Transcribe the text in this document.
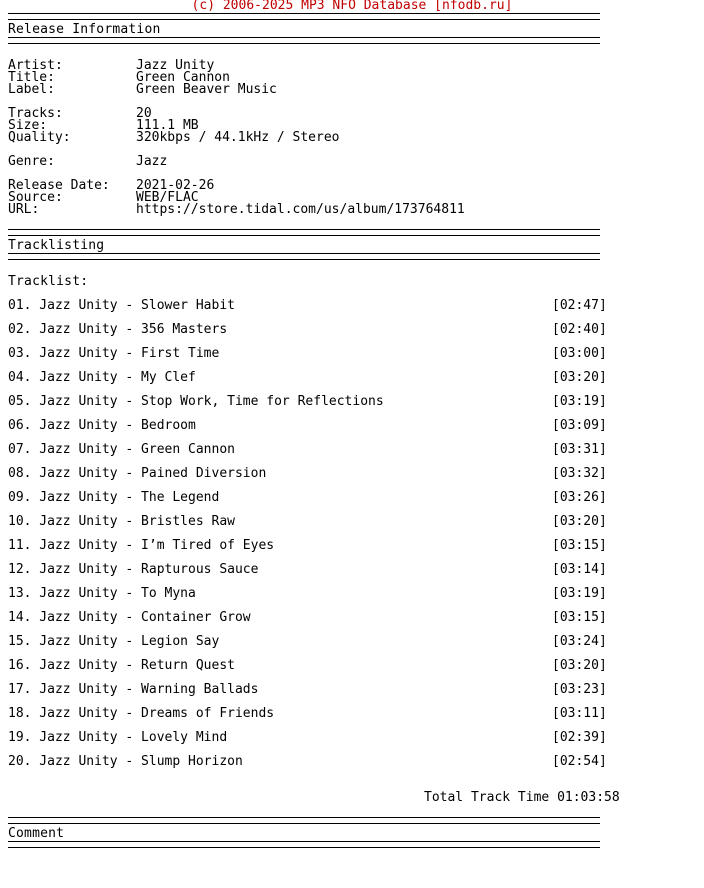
(c) 2006-2025 MP3 NFO Database [nfodb.ru]
Release Information
Artist:	Jazz Unity
Title:	Green Cannon
Label:	Green Beaver Music
Tracks:	20
Size:	111.1 MB
Quality:	320kbps / 44.1kHz / Stereo
Genre:	Jazz
Release Date: 2021-02-26
Source:	WEB/FLAC
URL:	https://store.tidal.com/us/album/173764811
Tracklisting
Tracklist:
01. Jazz Unity - Slower Habit	[02:47]
02. Jazz Unity - 356 Masters	[02:40]
03. Jazz Unity - First Time	[03:00]
04. Jazz Unity - My Clef	[03:20]
05. Jazz Unity - Stop Work, Time for Reflections	[03:19]
06. Jazz Unity - Bedroom	[03:09]
07. Jazz Unity - Green Cannon	[03:31]
08. Jazz Unity - Pained Diversion	[03:32]
09. Jazz Unity - The Legend	[03:26]
10. Jazz Unity - Bristles Raw	[03:20]
11. Jazz Unity - I’m Tired of Eyes	[03:15]
12. Jazz Unity - Rapturous Sauce	[03:14]
13. Jazz Unity - To Myna	[03:19]
14. Jazz Unity - Container Grow	[03:15]
15. Jazz Unity - Legion Say	[03:24]
16. Jazz Unity - Return Quest	[03:20]
17. Jazz Unity - Warning Ballads	[03:23]
18. Jazz Unity - Dreams of Friends	[03:11]
19. Jazz Unity - Lovely Mind	[02:39]
20. Jazz Unity - Slump Horizon	[02:54]
Total Track Time 01:03:58
Comment
